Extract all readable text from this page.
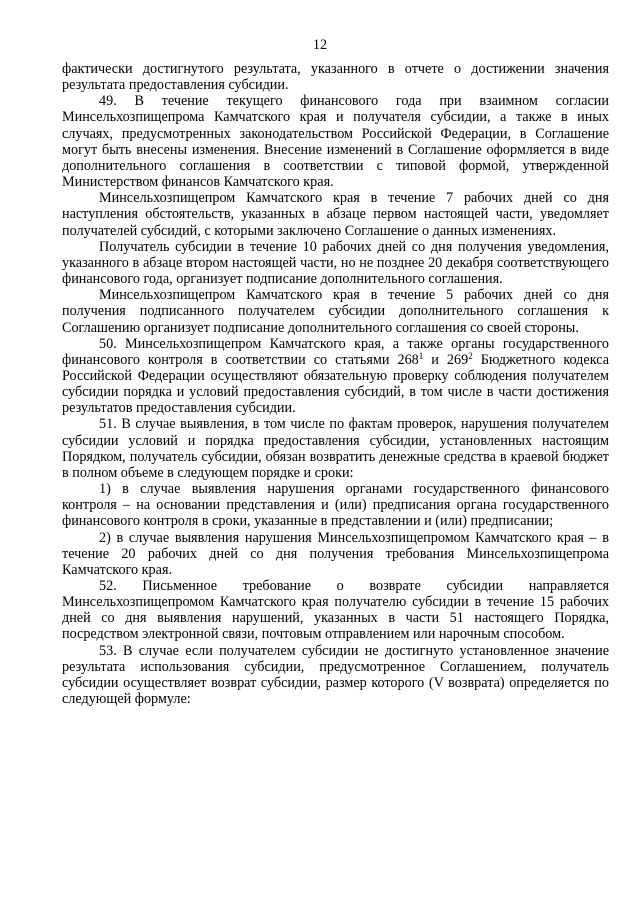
12

фактически достигнутого результата, указанного в отчете о достижении значения результата предоставления субсидии.

49. В течение текущего финансового года при взаимном согласии Минсельхозпищепрома Камчатского края и получателя субсидии, а также в иных случаях, предусмотренных законодательством Российской Федерации, в Соглашение могут быть внесены изменения. Внесение изменений в Соглашение оформляется в виде дополнительного соглашения в соответствии с типовой формой, утвержденной Министерством финансов Камчатского края.

Минсельхозпищепром Камчатского края в течение 7 рабочих дней со дня наступления обстоятельств, указанных в абзаце первом настоящей части, уведомляет получателей субсидий, с которыми заключено Соглашение о данных изменениях.

Получатель субсидии в течение 10 рабочих дней со дня получения уведомления, указанного в абзаце втором настоящей части, но не позднее 20 декабря соответствующего финансового года, организует подписание дополнительного соглашения.

Минсельхозпищепром Камчатского края в течение 5 рабочих дней со дня получения подписанного получателем субсидии дополнительного соглашения к Соглашению организует подписание дополнительного соглашения со своей стороны.

50. Минсельхозпищепром Камчатского края, а также органы государственного финансового контроля в соответствии со статьями $268^1$ и $269^2$ Бюджетного кодекса Российской Федерации осуществляют обязательную проверку соблюдения получателем субсидии порядка и условий предоставления субсидий, в том числе в части достижения результатов предоставления субсидии.

51. В случае выявления, в том числе по фактам проверок, нарушения получателем субсидии условий и порядка предоставления субсидии, установленных настоящим Порядком, получатель субсидии, обязан возвратить денежные средства в краевой бюджет в полном объеме в следующем порядке и сроки:

1) в случае выявления нарушения органами государственного финансового контроля – на основании представления и (или) предписания органа государственного финансового контроля в сроки, указанные в представлении и (или) предписании;

2) в случае выявления нарушения Минсельхозпищепромом Камчатского края – в течение 20 рабочих дней со дня получения требования Минсельхозпищепрома Камчатского края.

52. Письменное требование о возврате субсидии направляется Минсельхозпищепромом Камчатского края получателю субсидии в течение 15 рабочих дней со дня выявления нарушений, указанных в части 51 настоящего Порядка, посредством электронной связи, почтовым отправлением или нарочным способом.

53. В случае если получателем субсидии не достигнуто установленное значение результата использования субсидии, предусмотренное Соглашением, получатель субсидии осуществляет возврат субсидии, размер которого (V возврата) определяется по следующей формуле:
